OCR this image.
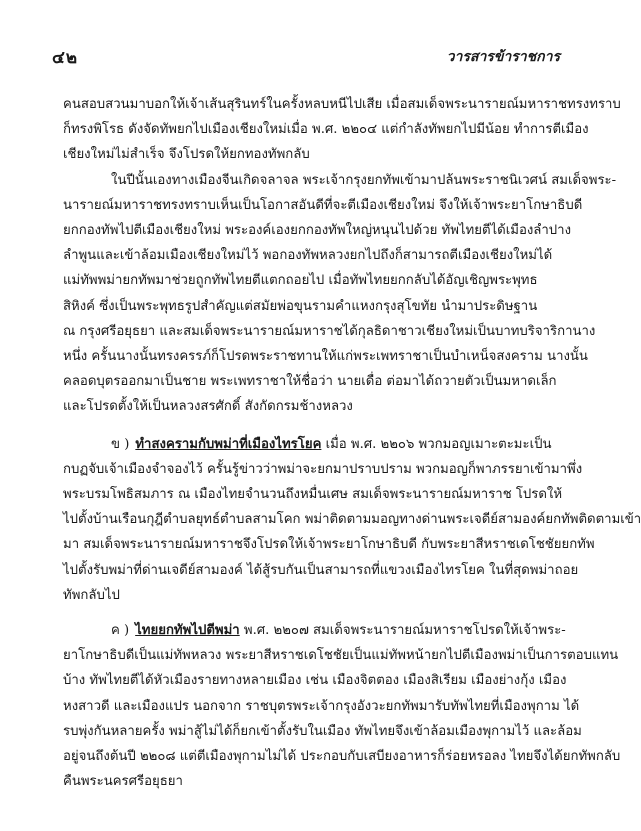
๔๒	วารสารข้าราชการ

คนสอบสวนมาบอกให้เจ้าเส้นสุรินทร์ในครั้งหลบหนีไปเสีย เมื่อสมเด็จพระนารายณ์มหาราชทรงทราบ
ก็ทรงพิโรธ ดังจัดทัพยกไปเมืองเชียงใหม่เมื่อ พ.ศ. ๒๒๐๔ แต่กำลังทัพยกไปมีน้อย ทำการตีเมือง
เชียงใหม่ไม่สำเร็จ จึงโปรดให้ยกทองทัพกลับ

ในปีนั้นเองทางเมืองจีนเกิดจลาจล พระเจ้ากรุงยกทัพเข้ามาปล้นพระราชนิเวศน์ สมเด็จพระ-
นารายณ์มหาราชทรงทราบเห็นเป็นโอกาสอันดีที่จะตีเมืองเชียงใหม่ จึงให้เจ้าพระยาโกษาธิบดี
ยกกองทัพไปตีเมืองเชียงใหม่ พระองค์เองยกกองทัพใหญ่หนุนไปด้วย ทัพไทยตีได้เมืองลำปาง
ลำพูนและเข้าล้อมเมืองเชียงใหม่ไว้ พอกองทัพหลวงยกไปถึงก็สามารถตีเมืองเชียงใหม่ได้
แม่ทัพพม่ายกทัพมาช่วยถูกทัพไทยตีแตกถอยไป เมื่อทัพไทยยกกลับได้อัญเชิญพระพุทธ
สิหิงค์ ซึ่งเป็นพระพุทธรูปสำคัญแต่สมัยพ่อขุนรามคำแหงกรุงสุโขทัย นำมาประดิษฐาน
ณ กรุงศรีอยุธยา และสมเด็จพระนารายณ์มหาราชได้กุลธิดาชาวเชียงใหม่เป็นบาทบริจาริกานาง
หนึ่ง ครั้นนางนั้นทรงครรภ์ก็โปรดพระราชทานให้แก่พระเพทราชาเป็นบำเหน็จสงคราม นางนั้น
คลอดบุตรออกมาเป็นชาย พระเพทราชาให้ชื่อว่า นายเดื่อ ต่อมาได้ถวายตัวเป็นมหาดเล็ก
และโปรดตั้งให้เป็นหลวงสรศักดิ์ สังกัดกรมช้างหลวง

ข ) ทำสงครามกับพม่าที่เมืองไทรโยค เมื่อ พ.ศ. ๒๒๐๖ พวกมอญเมาะตะมะเป็น
กบฏจับเจ้าเมืองจำจองไว้ ครั้นรู้ข่าวว่าพม่าจะยกมาปราบปราม พวกมอญก็พาภรรยาเข้ามาพึ่ง
พระบรมโพธิสมภาร ณ เมืองไทยจำนวนถึงหมื่นเศษ สมเด็จพระนารายณ์มหาราช โปรดให้
ไปตั้งบ้านเรือนกุฎีตำบลยุทธ์ตำบลสามโคก พม่าติดตามมอญทางด่านพระเจดีย์สามองค์ยกทัพติดตามเข้า
มา สมเด็จพระนารายณ์มหาราชจึงโปรดให้เจ้าพระยาโกษาธิบดี กับพระยาสีหราชเดโชชัยยกทัพ
ไปตั้งรับพม่าที่ด่านเจดีย์สามองค์ ได้สู้รบกันเป็นสามารถที่แขวงเมืองไทรโยค ในที่สุดพม่าถอย
ทัพกลับไป

ค ) ไทยยกทัพไปตีพม่า พ.ศ. ๒๒๐๗ สมเด็จพระนารายณ์มหาราชโปรดให้เจ้าพระ-
ยาโกษาธิบดีเป็นแม่ทัพหลวง พระยาสีหราชเดโชชัยเป็นแม่ทัพหน้ายกไปตีเมืองพม่าเป็นการตอบแทน
บ้าง ทัพไทยตีได้หัวเมืองรายทางหลายเมือง เช่น เมืองจิตตอง เมืองสิเรียม เมืองย่างกุ้ง เมือง
หงสาวดี และเมืองแปร นอกจาก ราชบุตรพระเจ้ากรุงอังวะยกทัพมารับทัพไทยที่เมืองพุกาม ได้
รบพุ่งกันหลายครั้ง พม่าสู้ไม่ได้ก็ยกเข้าตั้งรับในเมือง ทัพไทยจึงเข้าล้อมเมืองพุกามไว้ และล้อม
อยู่จนถึงต้นปี ๒๒๐๘ แต่ตีเมืองพุกามไม่ได้ ประกอบกับเสบียงอาหารก็ร่อยหรอลง ไทยจึงได้ยกทัพกลับ
คืนพระนครศรีอยุธยา
